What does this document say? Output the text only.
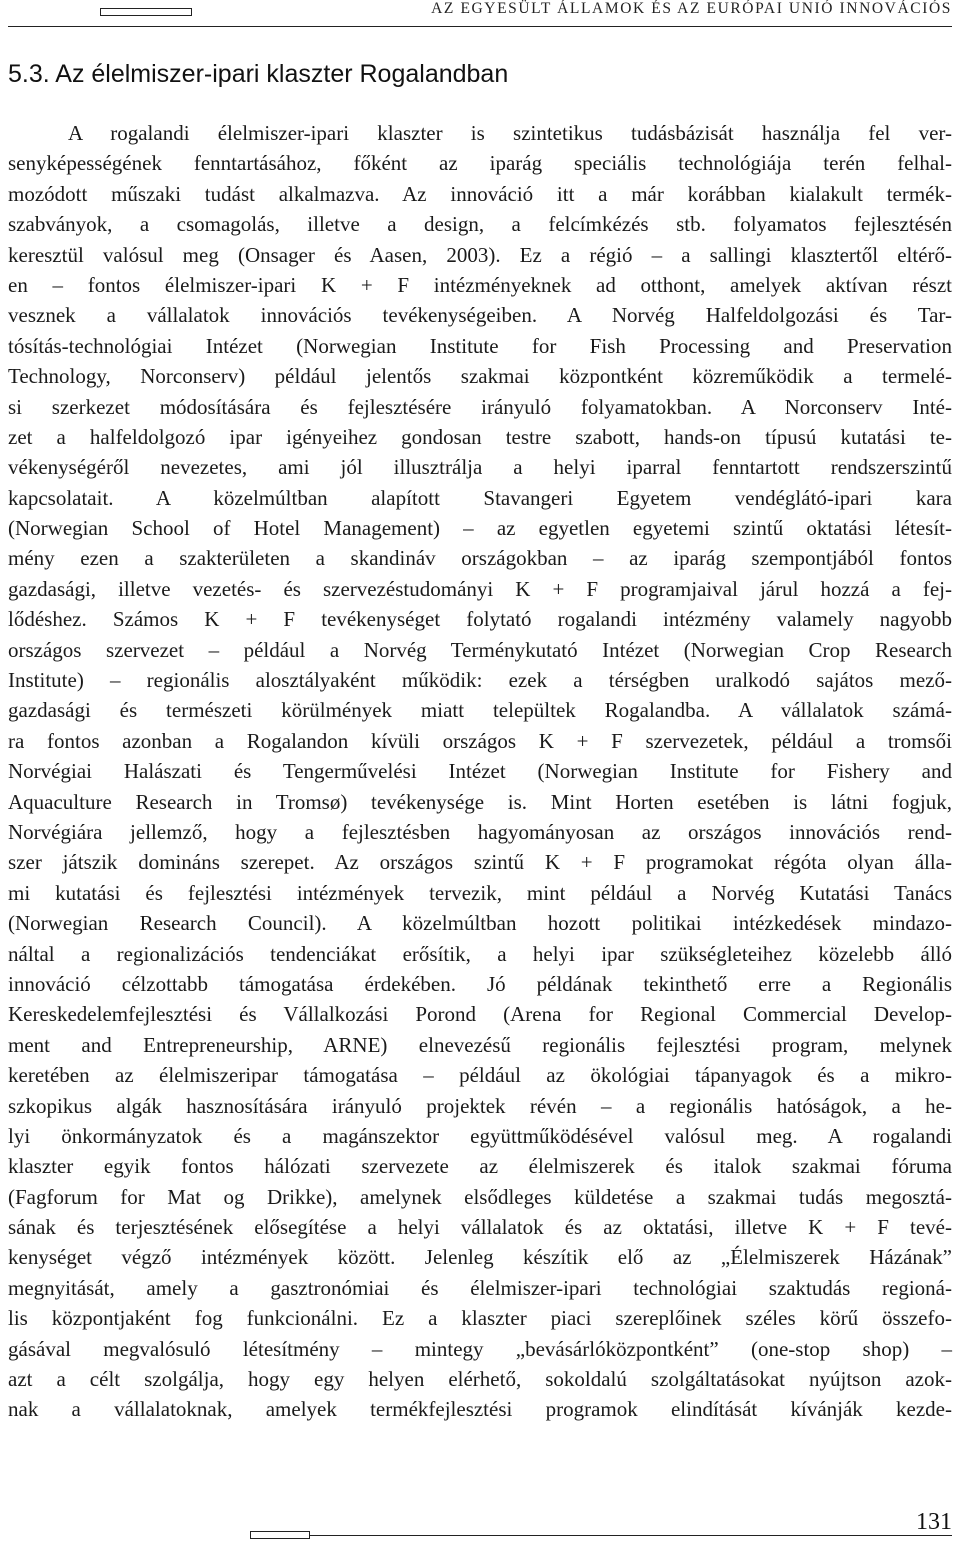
AZ EGYESÜLT ÁLLAMOK ÉS AZ EURÓPAI UNIÓ INNOVÁCIÓS
5.3. Az élelmiszer-ipari klaszter Rogalandban
A rogalandi élelmiszer-ipari klaszter is szintetikus tudásbázisát használja fel ver-
senyképességének fenntartásához, főként az iparág speciális technológiája terén felhal-
mozódott műszaki tudást alkalmazva. Az innováció itt a már korábban kialakult termék-
szabványok, a csomagolás, illetve a design, a felcímkézés stb. folyamatos fejlesztésén
keresztül valósul meg (Onsager és Aasen, 2003). Ez a régió – a sallingi klasztertől eltérő-
en – fontos élelmiszer-ipari K + F intézményeknek ad otthont, amelyek aktívan részt
vesznek a vállalatok innovációs tevékenységeiben. A Norvég Halfeldolgozási és Tar-
tósítás-technológiai Intézet (Norwegian Institute for Fish Processing and Preservation
Technology, Norconserv) például jelentős szakmai központként közreműködik a termelé-
si szerkezet módosítására és fejlesztésére irányuló folyamatokban. A Norconserv Inté-
zet a halfeldolgozó ipar igényeihez gondosan testre szabott, hands-on típusú kutatási te-
vékenységéről nevezetes, ami jól illusztrálja a helyi iparral fenntartott rendszerszintű
kapcsolatait. A közelmúltban alapított Stavangeri Egyetem vendéglátó-ipari kara
(Norwegian School of Hotel Management) – az egyetlen egyetemi szintű oktatási létesít-
mény ezen a szakterületen a skandináv országokban – az iparág szempontjából fontos
gazdasági, illetve vezetés- és szervezéstudományi K + F programjaival járul hozzá a fej-
lődéshez. Számos K + F tevékenységet folytató rogalandi intézmény valamely nagyobb
országos szervezet – például a Norvég Terménykutató Intézet (Norwegian Crop Research
Institute) – regionális alosztályaként működik: ezek a térségben uralkodó sajátos mező-
gazdasági és természeti körülmények miatt települtek Rogalandba. A vállalatok számá-
ra fontos azonban a Rogalandon kívüli országos K + F szervezetek, például a tromsői
Norvégiai Halászati és Tengerművelési Intézet (Norwegian Institute for Fishery and
Aquaculture Research in Tromsø) tevékenysége is. Mint Horten esetében is látni fogjuk,
Norvégiára jellemző, hogy a fejlesztésben hagyományosan az országos innovációs rend-
szer játszik domináns szerepet. Az országos szintű K + F programokat régóta olyan álla-
mi kutatási és fejlesztési intézmények tervezik, mint például a Norvég Kutatási Tanács
(Norwegian Research Council). A közelmúltban hozott politikai intézkedések mindazo-
náltal a regionalizációs tendenciákat erősítik, a helyi ipar szükségleteihez közelebb álló
innováció célzottabb támogatása érdekében. Jó példának tekinthető erre a Regionális
Kereskedelemfejlesztési és Vállalkozási Porond (Arena for Regional Commercial Develop-
ment and Entrepreneurship, ARNE) elnevezésű regionális fejlesztési program, melynek
keretében az élelmiszeripar támogatása – például az ökológiai tápanyagok és a mikro-
szkopikus algák hasznosítására irányuló projektek révén – a regionális hatóságok, a he-
lyi önkormányzatok és a magánszektor együttműködésével valósul meg. A rogalandi
klaszter egyik fontos hálózati szervezete az élelmiszerek és italok szakmai fóruma
(Fagforum for Mat og Drikke), amelynek elsődleges küldetése a szakmai tudás megosztá-
sának és terjesztésének elősegítése a helyi vállalatok és az oktatási, illetve K + F tevé-
kenységet végző intézmények között. Jelenleg készítik elő az „Élelmiszerek Házának”
megnyitását, amely a gasztronómiai és élelmiszer-ipari technológiai szaktudás regioná-
lis központjaként fog funkcionálni. Ez a klaszter piaci szereplőinek széles körű összefo-
gásával megvalósuló létesítmény – mintegy „bevásárlóközpontként” (one-stop shop) –
azt a célt szolgálja, hogy egy helyen elérhető, sokoldalú szolgáltatásokat nyújtson azok-
nak a vállalatoknak, amelyek termékfejlesztési programok elindítását kívánják kezde-
131
